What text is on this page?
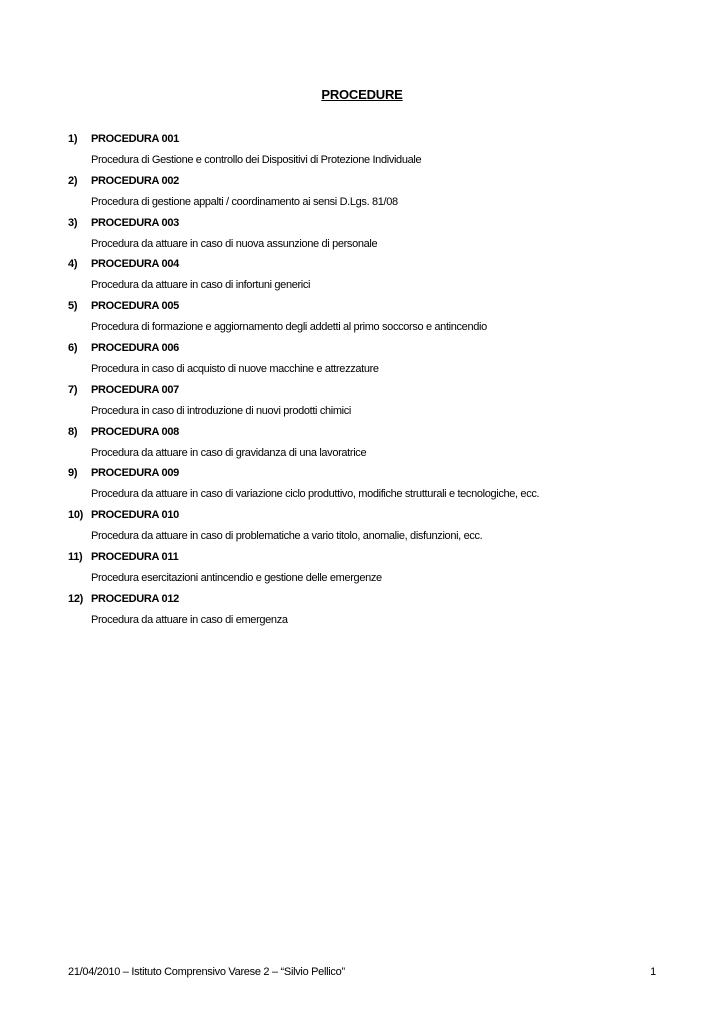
PROCEDURE
1)	PROCEDURA 001
Procedura di Gestione e controllo dei Dispositivi di Protezione Individuale
2)	PROCEDURA 002
Procedura di gestione appalti / coordinamento ai sensi D.Lgs. 81/08
3)	PROCEDURA 003
Procedura da attuare in caso di nuova assunzione di personale
4)	PROCEDURA 004
Procedura da attuare in caso di infortuni generici
5)	PROCEDURA 005
Procedura di formazione e aggiornamento degli addetti al primo soccorso e antincendio
6)	PROCEDURA 006
Procedura in caso di acquisto di nuove macchine e attrezzature
7)	PROCEDURA 007
Procedura in caso di introduzione di nuovi prodotti chimici
8)	PROCEDURA 008
Procedura da attuare in caso di gravidanza di una lavoratrice
9)	PROCEDURA 009
Procedura da attuare in caso di variazione ciclo produttivo, modifiche strutturali e tecnologiche, ecc.
10) PROCEDURA 010
Procedura da attuare in caso di problematiche a vario titolo, anomalie, disfunzioni, ecc.
11) PROCEDURA 011
Procedura esercitazioni antincendio e gestione delle emergenze
12) PROCEDURA 012
Procedura da attuare in caso di emergenza
21/04/2010 – Istituto Comprensivo Varese 2 – “Silvio Pellico”	1
